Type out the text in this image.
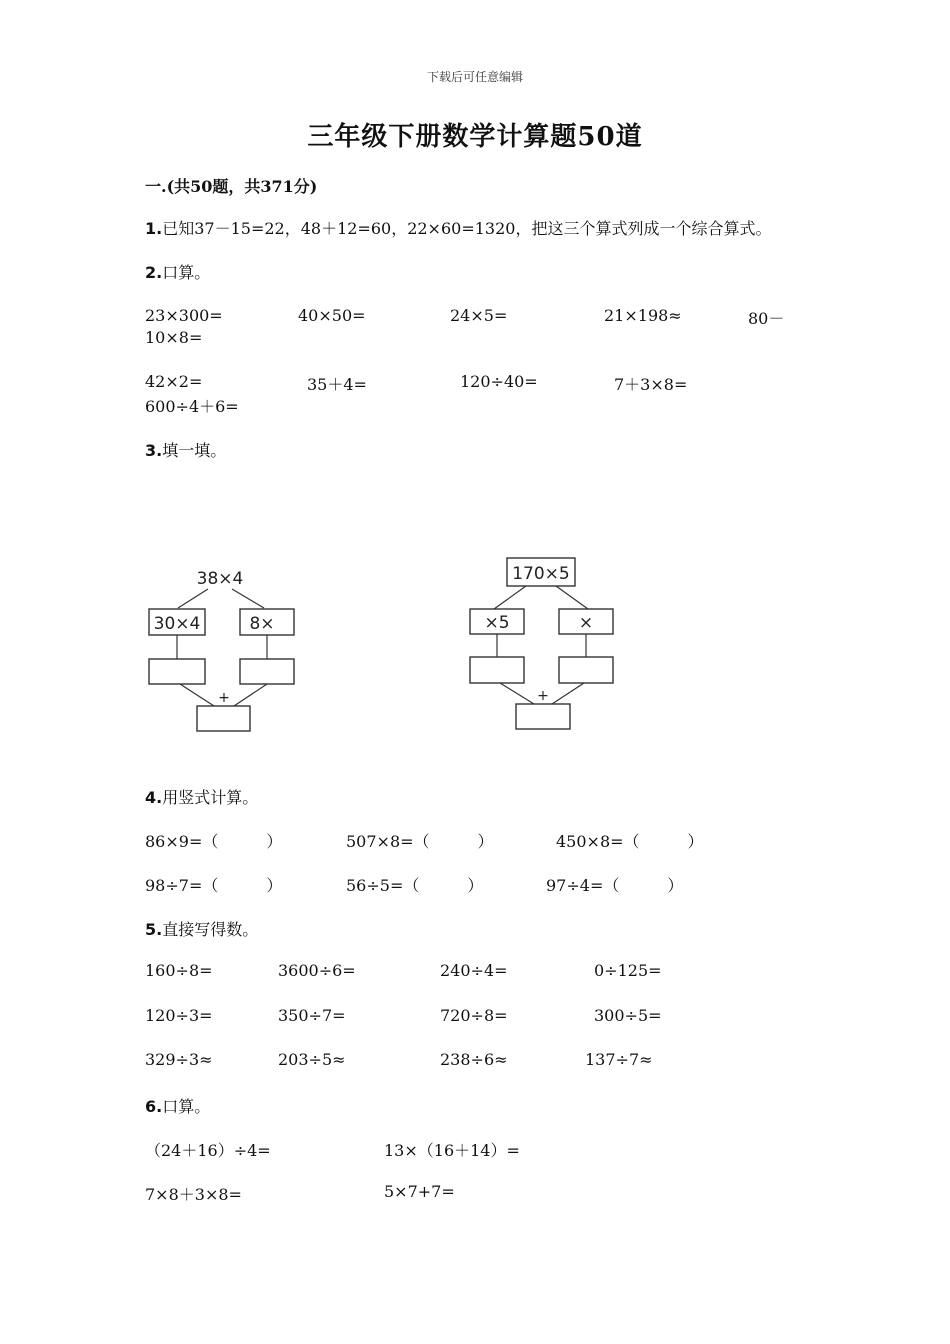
下载后可任意编辑
三年级下册数学计算题50道
一.(共50题，共371分)
1.已知37－15=22，48＋12=60，22×60=1320，把这三个算式列成一个综合算式。
2.口算。
23×300=	40×50=	24×5=	21×198≈	80－
10×8=
42×2=	35＋4=	120÷40=	7＋3×8=
600÷4＋6=
3.填一填。
38×4
30×4	8×
+
170×5
×5	×
+
4.用竖式计算。
86×9=（　　　）	507×8=（　　　）	450×8=（　　　）
98÷7=（　　　）	56÷5=（　　　）	97÷4=（　　　）
5.直接写得数。
160÷8=	3600÷6=	240÷4=	0÷125=
120÷3=	350÷7=	720÷8=	300÷5=
329÷3≈	203÷5≈	238÷6≈	137÷7≈
6.口算。
（24＋16）÷4=	13×（16＋14）=
7×8＋3×8=	5×7+7=
